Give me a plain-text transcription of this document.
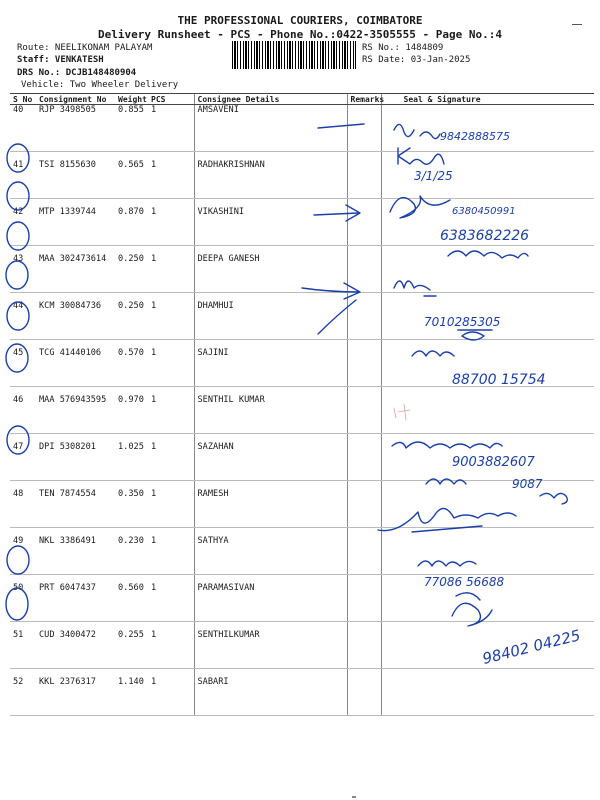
THE PROFESSIONAL COURIERS, COIMBATORE
Delivery Runsheet - PCS - Phone No.:0422-3505555 - Page No.:4
Route: NEELIKONAM PALAYAM
Staff: VENKATESH
DRS No.: DCJB148480904
Vehicle: Two Wheeler Delivery
RS No.: 1484809
RS Date: 03-Jan-2025
S No	Consignment No	Weight	PCS	Consignee Details	Remarks	Seal & Signature
40	RJP 3498505	0.855	1	AMSAVENI		
41	TSI 8155630	0.565	1	RADHAKRISHNAN		
42	MTP 1339744	0.870	1	VIKASHINI		
43	MAA 302473614	0.250	1	DEEPA GANESH		
44	KCM 30084736	0.250	1	DHAMHUI		
45	TCG 41440106	0.570	1	SAJINI		
46	MAA 576943595	0.970	1	SENTHIL KUMAR		
47	DPI 5308201	1.025	1	SAZAHAN		
48	TEN 7874554	0.350	1	RAMESH		
49	NKL 3386491	0.230	1	SATHYA		
50	PRT 6047437	0.560	1	PARAMASIVAN		
51	CUD 3400472	0.255	1	SENTHILKUMAR		
52	KKL 2376317	1.140	1	SABARI		
9842888575
3/1/25
6380450991
6383682226
7010285305
88700 15754
9003882607
9087
77086 56688
98402 04225
